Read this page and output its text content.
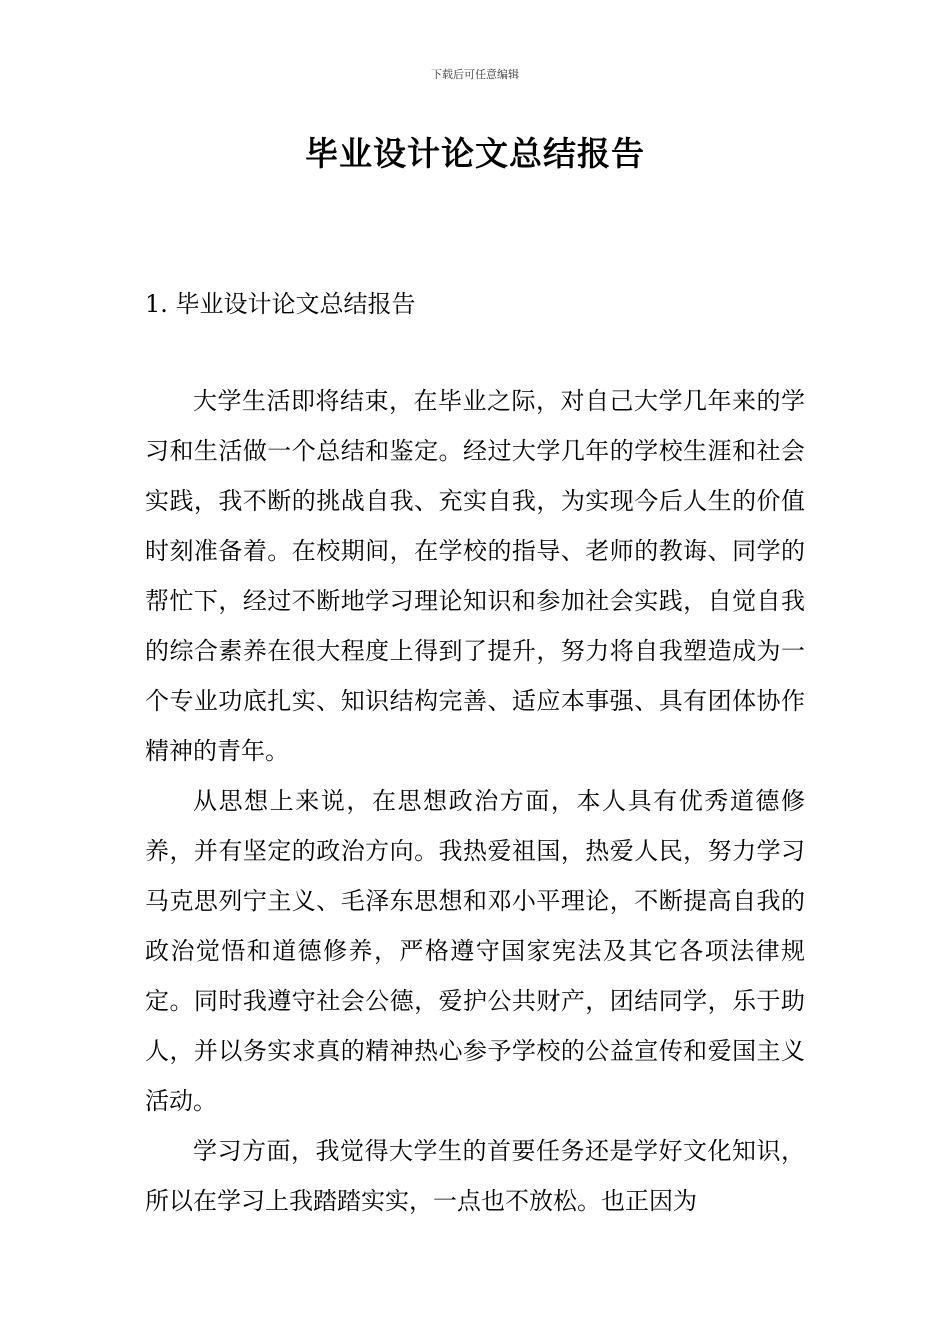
下载后可任意编辑
毕业设计论文总结报告
1. 毕业设计论文总结报告

大学生活即将结束，在毕业之际，对自己大学几年来的学习和生活做一个总结和鉴定。经过大学几年的学校生涯和社会实践，我不断的挑战自我、充实自我，为实现今后人生的价值时刻准备着。在校期间，在学校的指导、老师的教诲、同学的帮忙下，经过不断地学习理论知识和参加社会实践，自觉自我的综合素养在很大程度上得到了提升，努力将自我塑造成为一个专业功底扎实、知识结构完善、适应本事强、具有团体协作精神的青年。

从思想上来说，在思想政治方面，本人具有优秀道德修养，并有坚定的政治方向。我热爱祖国，热爱人民，努力学习马克思列宁主义、毛泽东思想和邓小平理论，不断提高自我的政治觉悟和道德修养，严格遵守国家宪法及其它各项法律规定。同时我遵守社会公德，爱护公共财产，团结同学，乐于助人，并以务实求真的精神热心参予学校的公益宣传和爱国主义活动。

学习方面，我觉得大学生的首要任务还是学好文化知识，所以在学习上我踏踏实实，一点也不放松。也正因为
